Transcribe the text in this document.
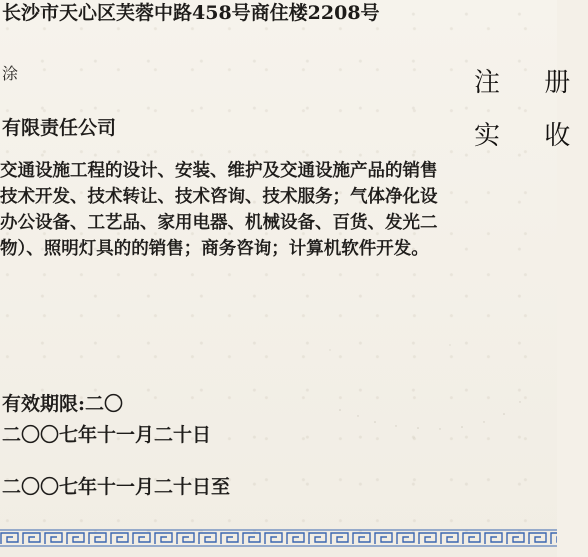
长沙市天心区芙蓉中路458号商住楼2208号
涂	注 册
有限责任公司	实 收
交通设施工程的设计、安装、维护及交通设施产品的销售
技术开发、技术转让、技术咨询、技术服务；气体净化设
办公设备、工艺品、家用电器、机械设备、百货、发光二
物）、照明灯具的的销售；商务咨询；计算机软件开发。
有效期限:二〇
二〇〇七年十一月二十日
二〇〇七年十一月二十日至
